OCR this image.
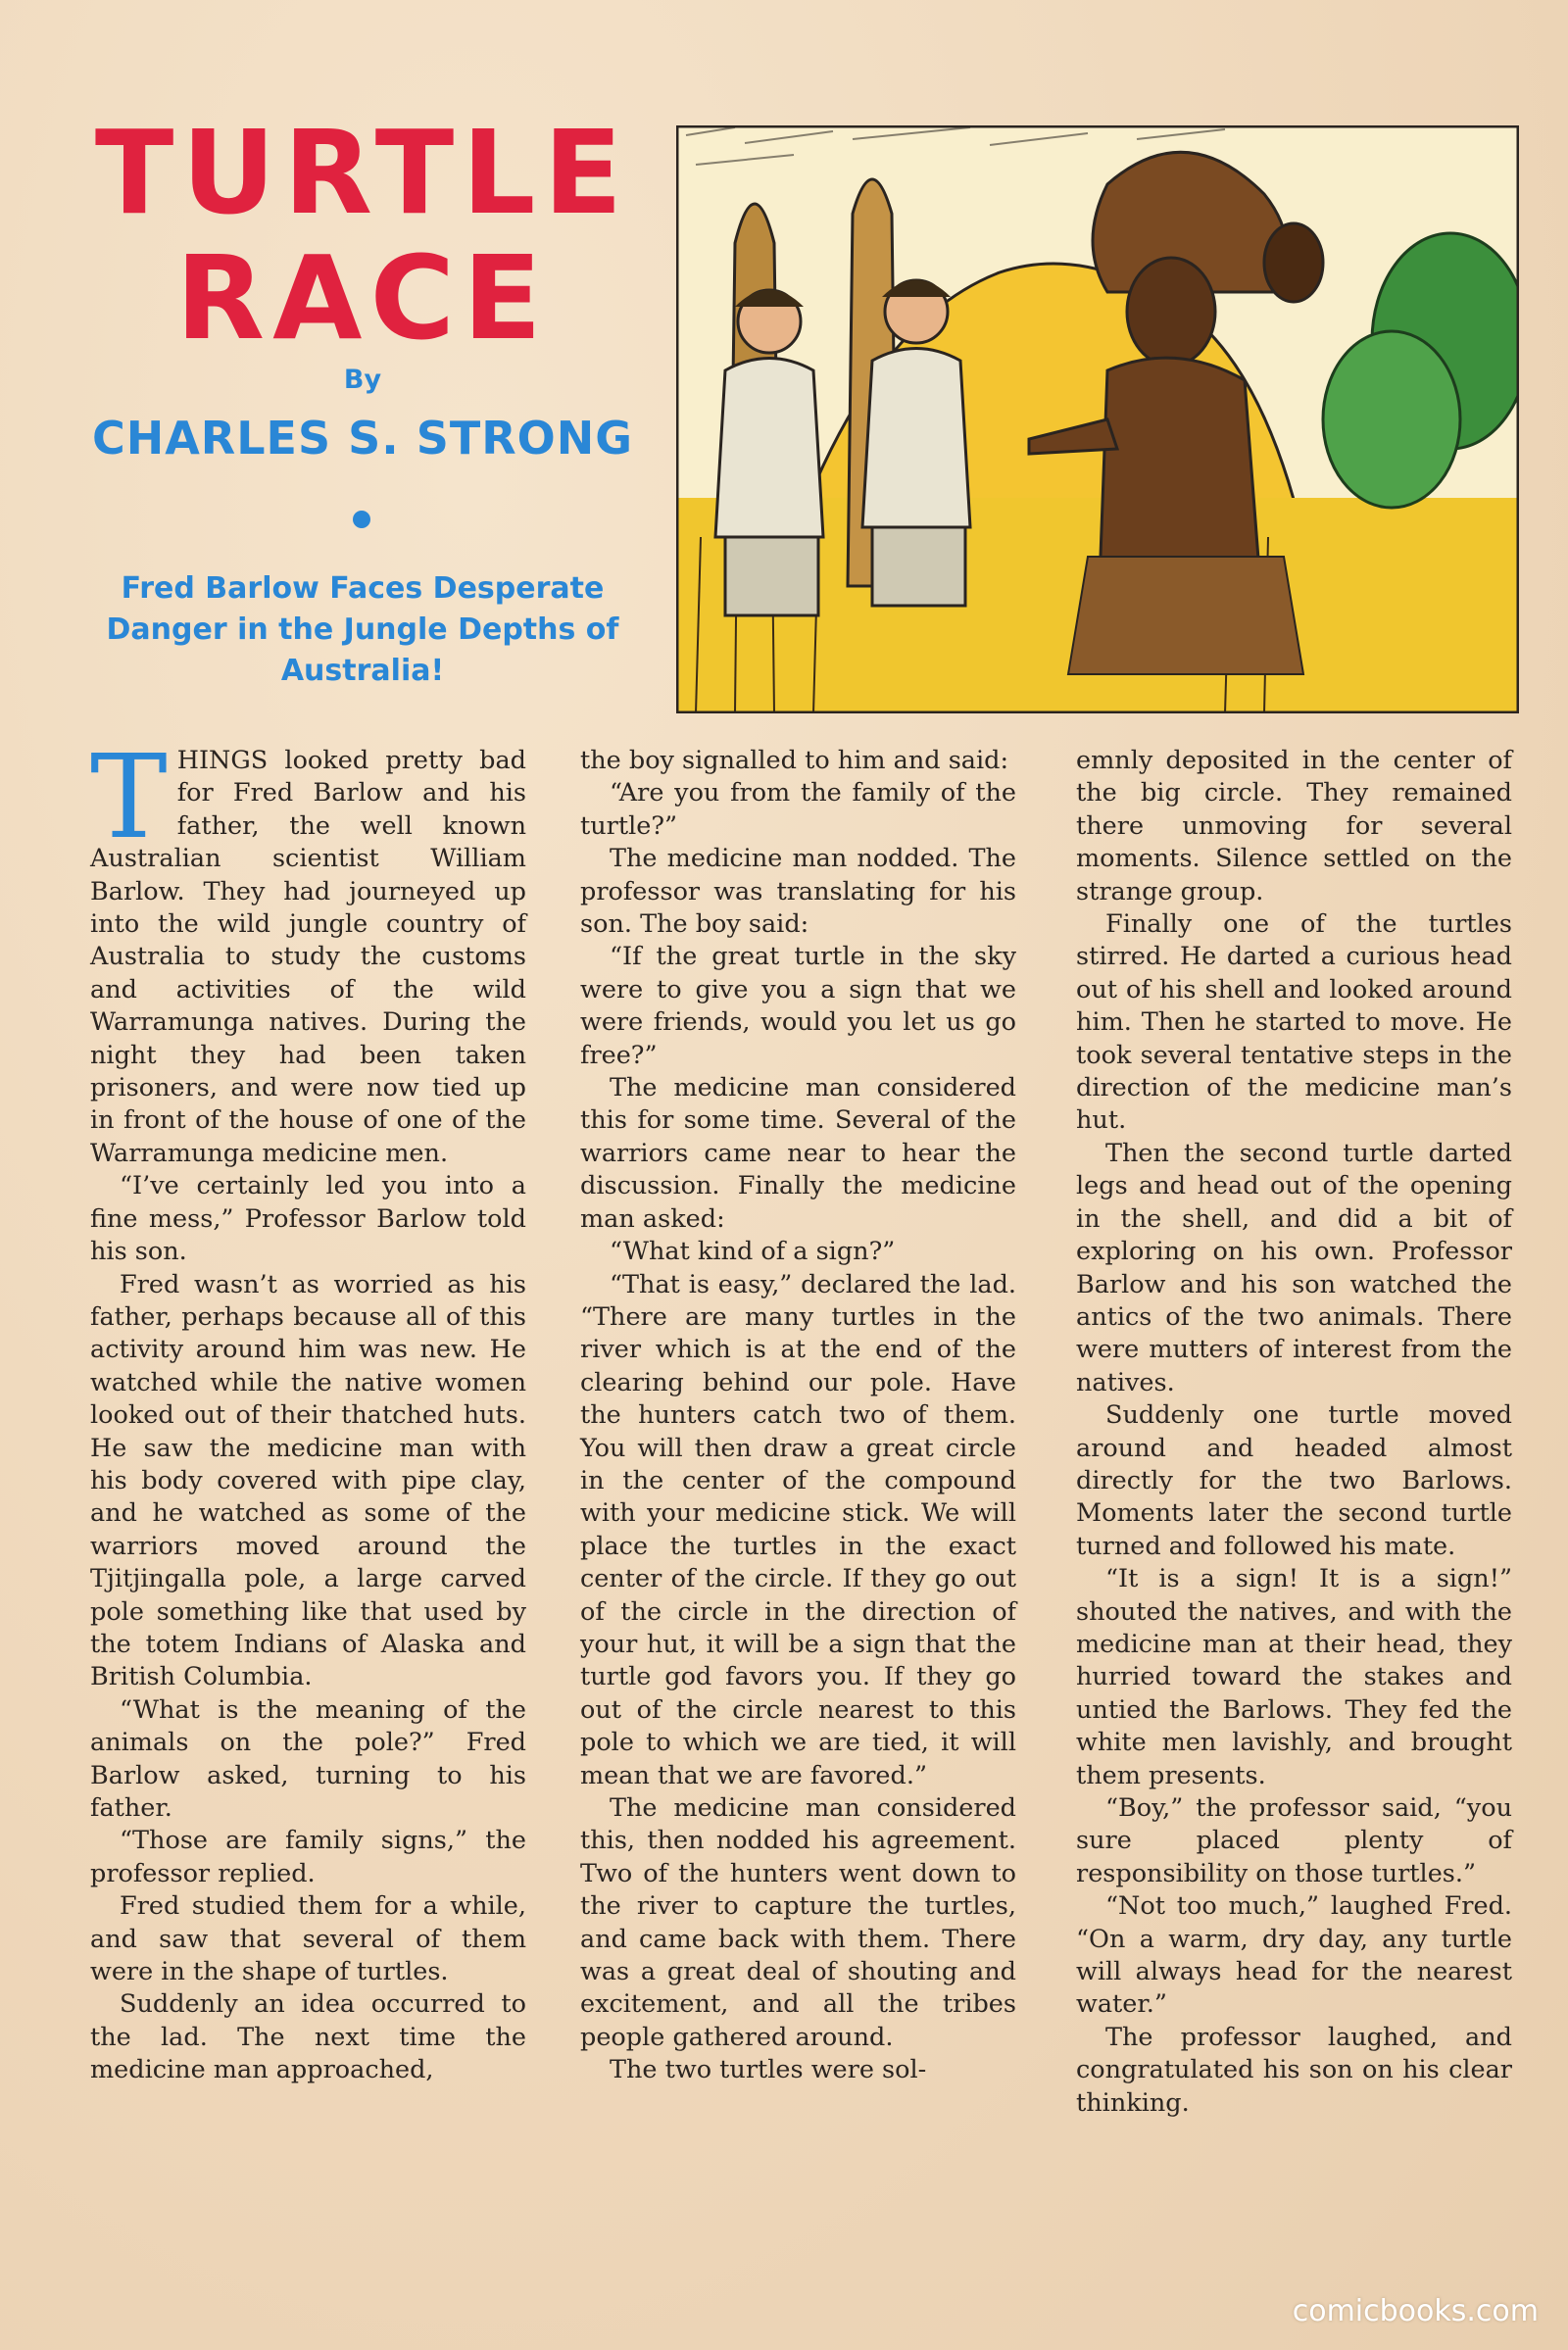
TURTLE
RACE
By
CHARLES S. STRONG
Fred Barlow Faces Desperate Danger in the Jungle Depths of Australia!

THINGS looked pretty bad for Fred Barlow and his father, the well known Australian scientist William Barlow. They had journeyed up into the wild jungle country of Australia to study the customs and activities of the wild Warramunga natives. During the night they had been taken prisoners, and were now tied up in front of the house of one of the Warramunga medicine men.

“I’ve certainly led you into a fine mess,” Professor Barlow told his son.

Fred wasn’t as worried as his father, perhaps because all of this activity around him was new. He watched while the native women looked out of their thatched huts. He saw the medicine man with his body covered with pipe clay, and he watched as some of the warriors moved around the Tjitjingalla pole, a large carved pole something like that used by the totem Indians of Alaska and British Columbia.

“What is the meaning of the animals on the pole?” Fred Barlow asked, turning to his father.

“Those are family signs,” the professor replied.

Fred studied them for a while, and saw that several of them were in the shape of turtles.

Suddenly an idea occurred to the lad. The next time the medicine man approached,

the boy signalled to him and said:

“Are you from the family of the turtle?”

The medicine man nodded. The professor was translating for his son. The boy said:

“If the great turtle in the sky were to give you a sign that we were friends, would you let us go free?”

The medicine man considered this for some time. Several of the warriors came near to hear the discussion. Finally the medicine man asked:

“What kind of a sign?”

“That is easy,” declared the lad. “There are many turtles in the river which is at the end of the clearing behind our pole. Have the hunters catch two of them. You will then draw a great circle in the center of the compound with your medicine stick. We will place the turtles in the exact center of the circle. If they go out of the circle in the direction of your hut, it will be a sign that the turtle god favors you. If they go out of the circle nearest to this pole to which we are tied, it will mean that we are favored.”

The medicine man considered this, then nodded his agreement. Two of the hunters went down to the river to capture the turtles, and came back with them. There was a great deal of shouting and excitement, and all the tribes people gathered around.

The two turtles were sol-

emnly deposited in the center of the big circle. They remained there unmoving for several moments. Silence settled on the strange group.

Finally one of the turtles stirred. He darted a curious head out of his shell and looked around him. Then he started to move. He took several tentative steps in the direction of the medicine man’s hut.

Then the second turtle darted legs and head out of the opening in the shell, and did a bit of exploring on his own. Professor Barlow and his son watched the antics of the two animals. There were mutters of interest from the natives.

Suddenly one turtle moved around and headed almost directly for the two Barlows. Moments later the second turtle turned and followed his mate.

“It is a sign! It is a sign!” shouted the natives, and with the medicine man at their head, they hurried toward the stakes and untied the Barlows. They fed the white men lavishly, and brought them presents.

“Boy,” the professor said, “you sure placed plenty of responsibility on those turtles.”

“Not too much,” laughed Fred. “On a warm, dry day, any turtle will always head for the nearest water.”

The professor laughed, and congratulated his son on his clear thinking.

comicbooks.com
